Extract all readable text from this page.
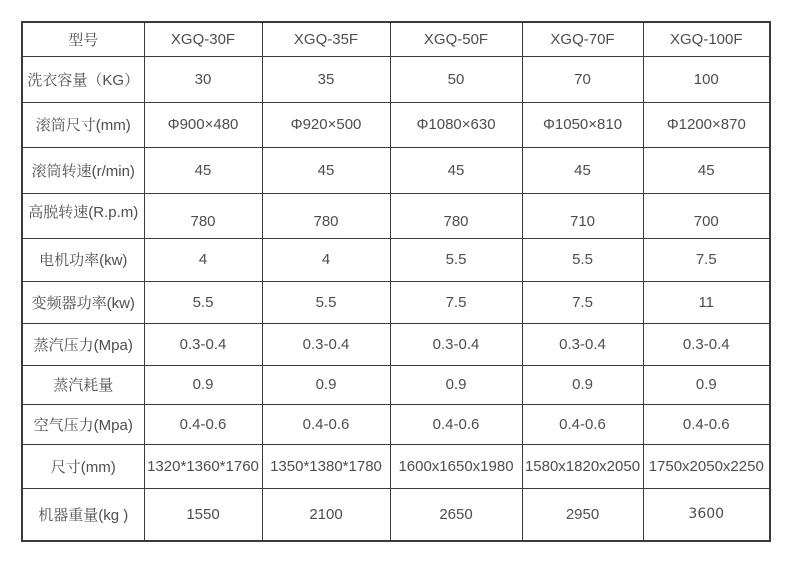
型号	XGQ-30F	XGQ-35F	XGQ-50F	XGQ-70F	XGQ-100F
洗衣容量（KG）	30	35	50	70	100
滚筒尺寸(mm)	Φ900×480	Φ920×500	Φ1080×630	Φ1050×810	Φ1200×870
滚筒转速(r/min)	45	45	45	45	45
高脱转速(R.p.m)	780	780	780	710	700
电机功率(kw)	4	4	5.5	5.5	7.5
变频器功率(kw)	5.5	5.5	7.5	7.5	11
蒸汽压力(Mpa)	0.3-0.4	0.3-0.4	0.3-0.4	0.3-0.4	0.3-0.4
蒸汽耗量	0.9	0.9	0.9	0.9	0.9
空气压力(Mpa)	0.4-0.6	0.4-0.6	0.4-0.6	0.4-0.6	0.4-0.6
尺寸(mm)	1320*1360*1760	1350*1380*1780	1600x1650x1980	1580x1820x2050	1750x2050x2250
机器重量(kg )	1550	2100	2650	2950	3600
